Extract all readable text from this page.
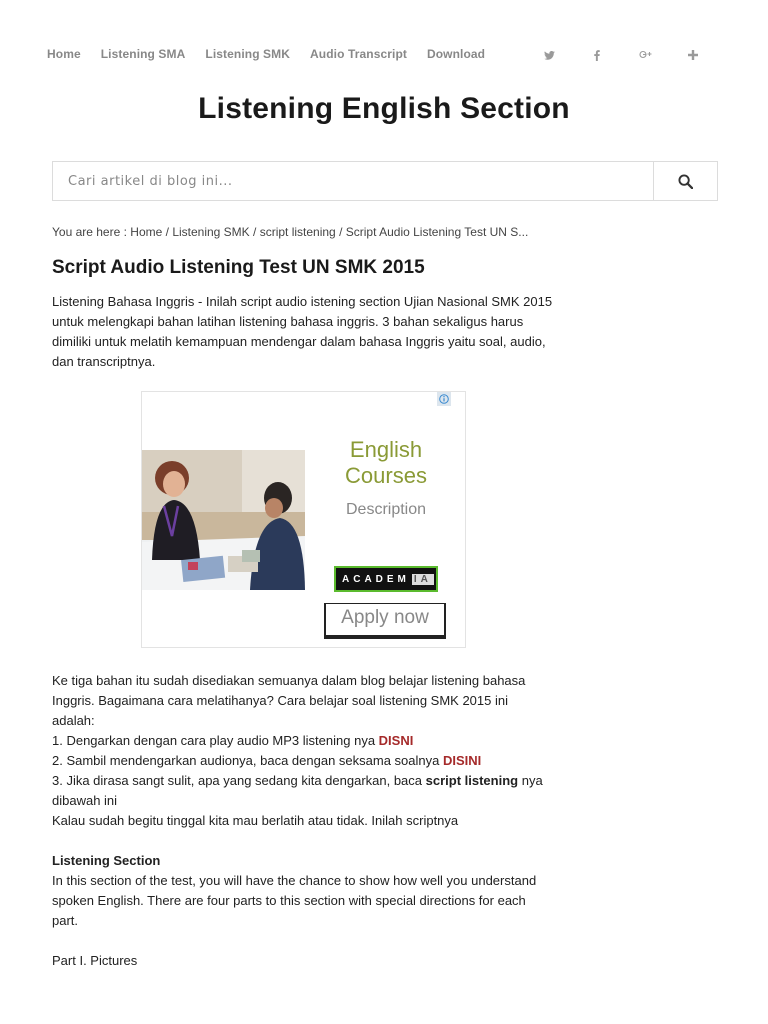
Home Listening SMA Listening SMK Audio Transcript Download
Listening English Section
Cari artikel di blog ini...
You are here : Home / Listening SMK / script listening / Script Audio Listening Test UN S...
Script Audio Listening Test UN SMK 2015

Listening Bahasa Inggris - Inilah script audio istening section Ujian Nasional SMK 2015 untuk melengkapi bahan latihan listening bahasa inggris. 3 bahan sekaligus harus dimiliki untuk melatih kemampuan mendengar dalam bahasa Inggris yaitu soal, audio, dan transcriptnya.

English Courses
Description
ACADEM IA
Apply now
Ke tiga bahan itu sudah disediakan semuanya dalam blog belajar listening bahasa Inggris. Bagaimana cara melatihanya? Cara belajar soal listening SMK 2015 ini adalah:
1. Dengarkan dengan cara play audio MP3 listening nya DISNI
2. Sambil mendengarkan audionya, baca dengan seksama soalnya DISINI
3. Jika dirasa sangt sulit, apa yang sedang kita dengarkan, baca script listening nya dibawah ini
Kalau sudah begitu tinggal kita mau berlatih atau tidak. Inilah scriptnya

Listening Section
In this section of the test, you will have the chance to show how well you understand spoken English. There are four parts to this section with special directions for each part.

Part I. Pictures
